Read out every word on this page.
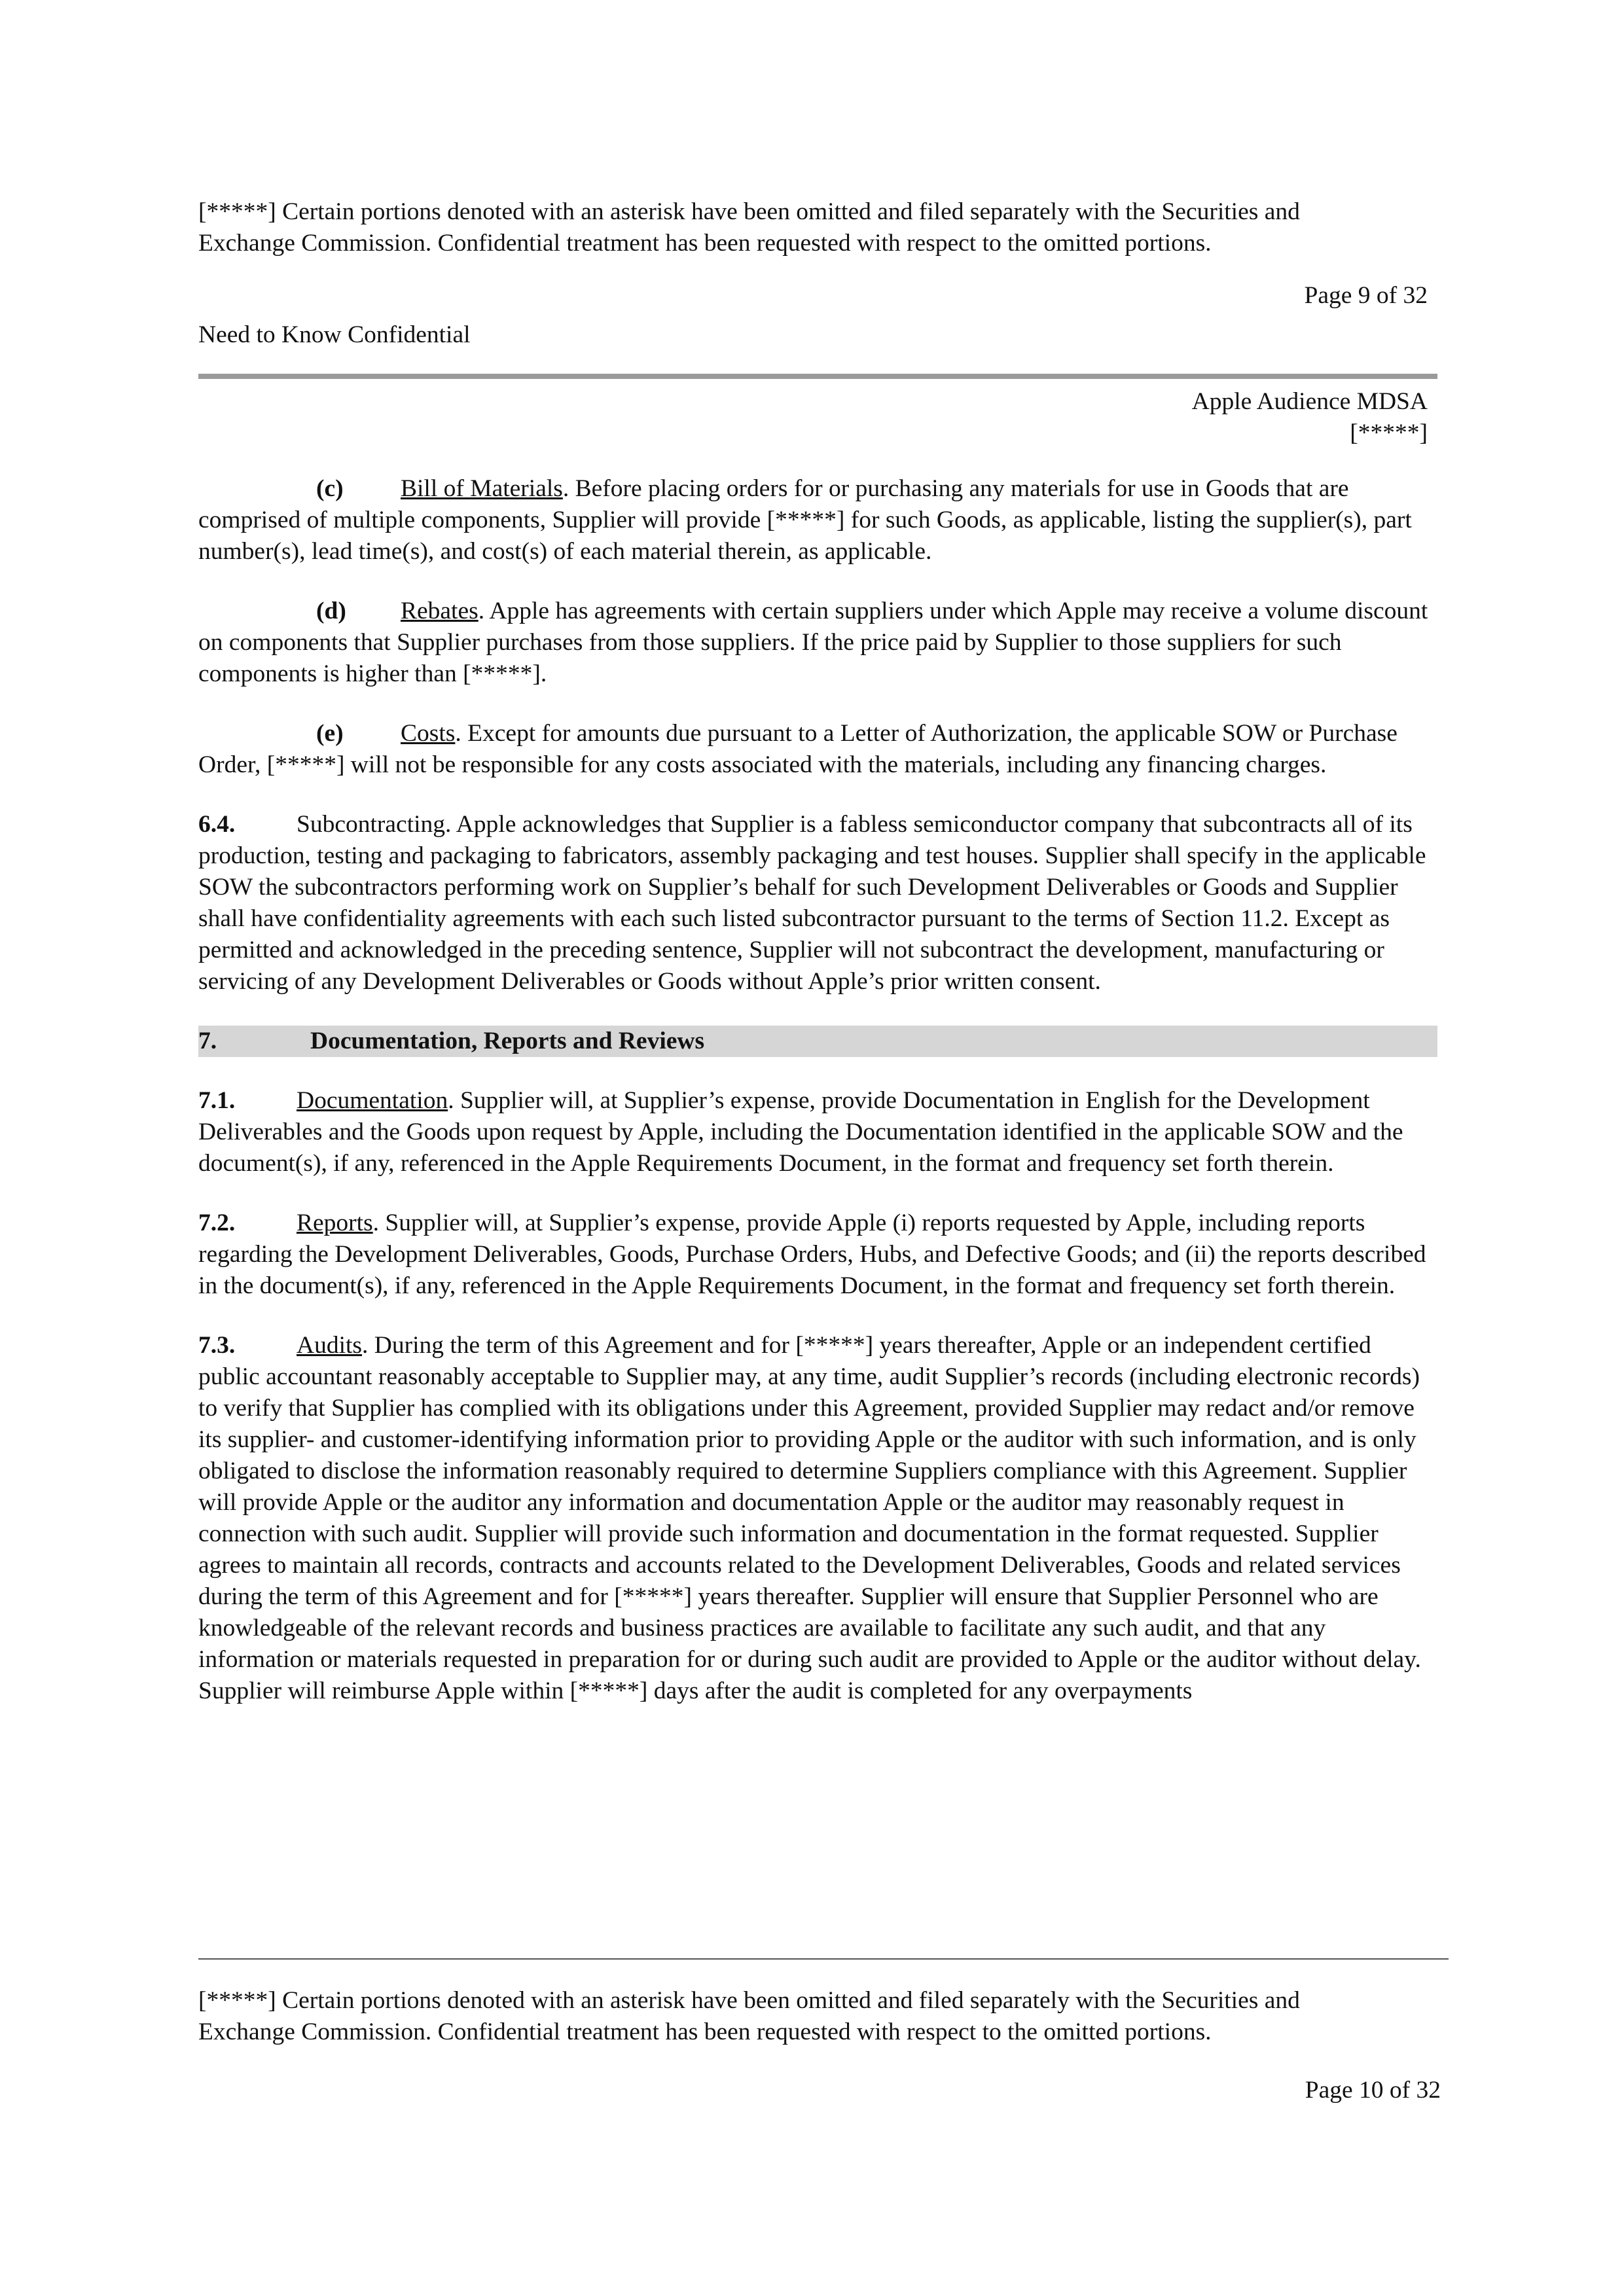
[*****] Certain portions denoted with an asterisk have been omitted and filed separately with the Securities and

Exchange Commission. Confidential treatment has been requested with respect to the omitted portions.

Page 9 of 32
Need to Know Confidential
Apple Audience MDSA
[*****]

(c) Bill of Materials. Before placing orders for or purchasing any materials for use in Goods that are comprised of multiple components, Supplier will provide [*****] for such Goods, as applicable, listing the supplier(s), part number(s), lead time(s), and cost(s) of each material therein, as applicable.

(d) Rebates. Apple has agreements with certain suppliers under which Apple may receive a volume discount on components that Supplier purchases from those suppliers. If the price paid by Supplier to those suppliers for such components is higher than [*****].

(e) Costs. Except for amounts due pursuant to a Letter of Authorization, the applicable SOW or Purchase Order, [*****] will not be responsible for any costs associated with the materials, including any financing charges.

6.4.	Subcontracting. Apple acknowledges that Supplier is a fabless semiconductor company that subcontracts all of its production, testing and packaging to fabricators, assembly packaging and test houses. Supplier shall specify in the applicable SOW the subcontractors performing work on Supplier’s behalf for such Development Deliverables or Goods and Supplier shall have confidentiality agreements with each such listed subcontractor pursuant to the terms of Section 11.2. Except as permitted and acknowledged in the preceding sentence, Supplier will not subcontract the development, manufacturing or servicing of any Development Deliverables or Goods without Apple’s prior written consent.

7.	Documentation, Reports and Reviews

7.1.	Documentation. Supplier will, at Supplier’s expense, provide Documentation in English for the Development Deliverables and the Goods upon request by Apple, including the Documentation identified in the applicable SOW and the document(s), if any, referenced in the Apple Requirements Document, in the format and frequency set forth therein.

7.2.	Reports. Supplier will, at Supplier’s expense, provide Apple (i) reports requested by Apple, including reports regarding the Development Deliverables, Goods, Purchase Orders, Hubs, and Defective Goods; and (ii) the reports described in the document(s), if any, referenced in the Apple Requirements Document, in the format and frequency set forth therein.

7.3.	Audits. During the term of this Agreement and for [*****] years thereafter, Apple or an independent certified public accountant reasonably acceptable to Supplier may, at any time, audit Supplier’s records (including electronic records) to verify that Supplier has complied with its obligations under this Agreement, provided Supplier may redact and/or remove its supplier- and customer-identifying information prior to providing Apple or the auditor with such information, and is only obligated to disclose the information reasonably required to determine Suppliers compliance with this Agreement. Supplier will provide Apple or the auditor any information and documentation Apple or the auditor may reasonably request in connection with such audit. Supplier will provide such information and documentation in the format requested. Supplier agrees to maintain all records, contracts and accounts related to the Development Deliverables, Goods and related services during the term of this Agreement and for [*****] years thereafter. Supplier will ensure that Supplier Personnel who are knowledgeable of the relevant records and business practices are available to facilitate any such audit, and that any information or materials requested in preparation for or during such audit are provided to Apple or the auditor without delay. Supplier will reimburse Apple within [*****] days after the audit is completed for any overpayments

[*****] Certain portions denoted with an asterisk have been omitted and filed separately with the Securities and

Exchange Commission. Confidential treatment has been requested with respect to the omitted portions.

Page 10 of 32
